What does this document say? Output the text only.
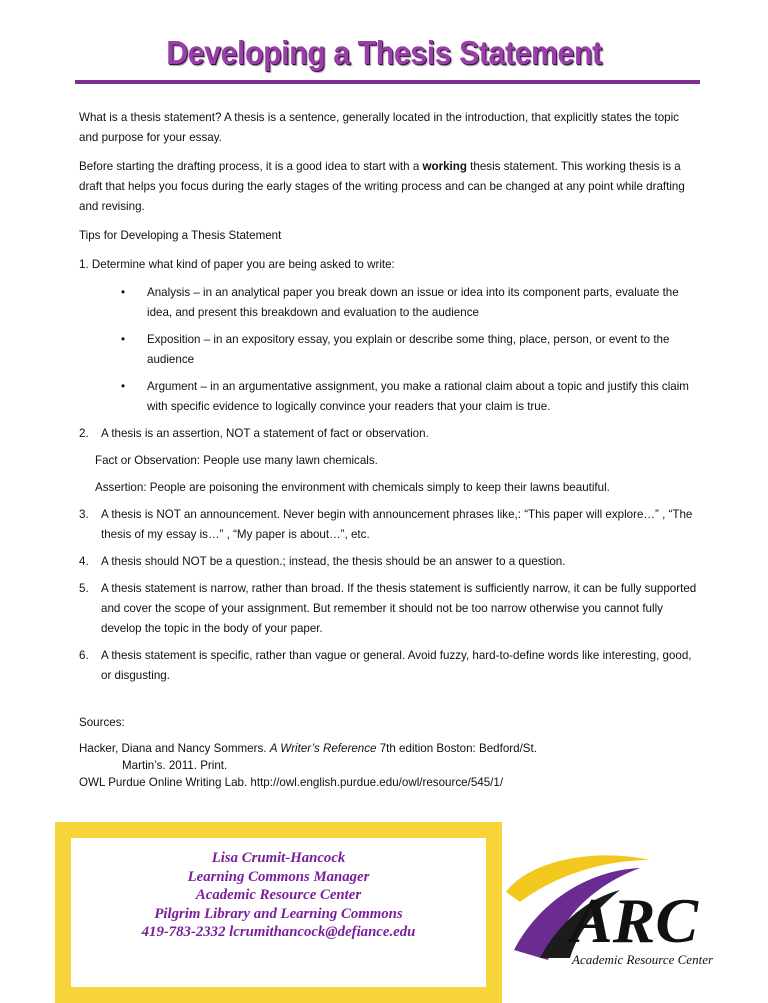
Developing a Thesis Statement

What is a thesis statement? A thesis is a sentence, generally located in the introduction, that explicitly states the topic and purpose for your essay.

Before starting the drafting process, it is a good idea to start with a working thesis statement. This working thesis is a draft that helps you focus during the early stages of the writing process and can be changed at any point while drafting and revising.

Tips for Developing a Thesis Statement

1. Determine what kind of paper you are being asked to write:

• Analysis – in an analytical paper you break down an issue or idea into its component parts, evaluate the idea, and present this breakdown and evaluation to the audience
• Exposition – in an expository essay, you explain or describe some thing, place, person, or event to the audience
• Argument – in an argumentative assignment, you make a rational claim about a topic and justify this claim with specific evidence to logically convince your readers that your claim is true.
2. A thesis is an assertion, NOT a statement of fact or observation.
Fact or Observation: People use many lawn chemicals.
Assertion: People are poisoning the environment with chemicals simply to keep their lawns beautiful.
3. A thesis is NOT an announcement. Never begin with announcement phrases like,: “This paper will explore…” , “The thesis of my essay is…” , “My paper is about…”, etc.
4. A thesis should NOT be a question.; instead, the thesis should be an answer to a question.
5. A thesis statement is narrow, rather than broad. If the thesis statement is sufficiently narrow, it can be fully supported and cover the scope of your assignment. But remember it should not be too narrow otherwise you cannot fully develop the topic in the body of your paper.
6. A thesis statement is specific, rather than vague or general. Avoid fuzzy, hard-to-define words like interesting, good, or disgusting.

Sources:

Hacker, Diana and Nancy Sommers. A Writer’s Reference 7th edition Boston: Bedford/St.
Martin’s. 2011. Print.

OWL Purdue Online Writing Lab. http://owl.english.purdue.edu/owl/resource/545/1/

Lisa Crumit-Hancock
Learning Commons Manager
Academic Resource Center
Pilgrim Library and Learning Commons
419-783-2332 lcrumithancock@defiance.edu	ARC
Academic Resource Center
